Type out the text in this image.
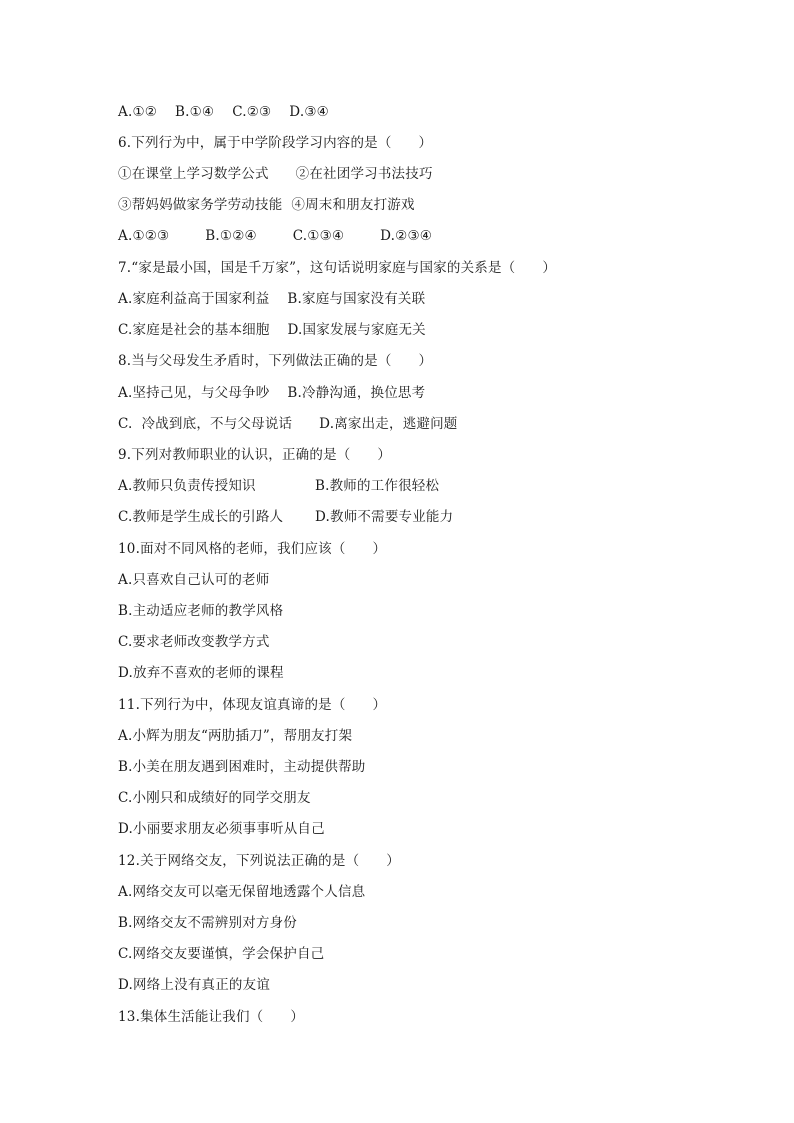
A.①②    B.①④    C.②③    D.③④
6.下列行为中，属于中学阶段学习内容的是（      ）
①在课堂上学习数学公式      ②在社团学习书法技巧
③帮妈妈做家务学劳动技能  ④周末和朋友打游戏
A.①②③        B.①②④        C.①③④        D.②③④
7.“家是最小国，国是千万家”，这句话说明家庭与国家的关系是（      ）
A.家庭利益高于国家利益    B.家庭与国家没有关联
C.家庭是社会的基本细胞    D.国家发展与家庭无关
8.当与父母发生矛盾时，下列做法正确的是（      ）
A.坚持己见，与父母争吵    B.冷静沟通，换位思考
C.  冷战到底，不与父母说话      D.离家出走，逃避问题
9.下列对教师职业的认识，正确的是（      ）
A.教师只负责传授知识	B.教师的工作很轻松
C.教师是学生成长的引路人 D.教师不需要专业能力
10.面对不同风格的老师，我们应该（      ）
A.只喜欢自己认可的老师
B.主动适应老师的教学风格
C.要求老师改变教学方式
D.放弃不喜欢的老师的课程
11.下列行为中，体现友谊真谛的是（      ）
A.小辉为朋友“两肋插刀”，帮朋友打架
B.小美在朋友遇到困难时，主动提供帮助
C.小刚只和成绩好的同学交朋友
D.小丽要求朋友必须事事听从自己
12.关于网络交友，下列说法正确的是（      ）
A.网络交友可以毫无保留地透露个人信息
B.网络交友不需辨别对方身份
C.网络交友要谨慎，学会保护自己
D.网络上没有真正的友谊
13.集体生活能让我们（      ）
